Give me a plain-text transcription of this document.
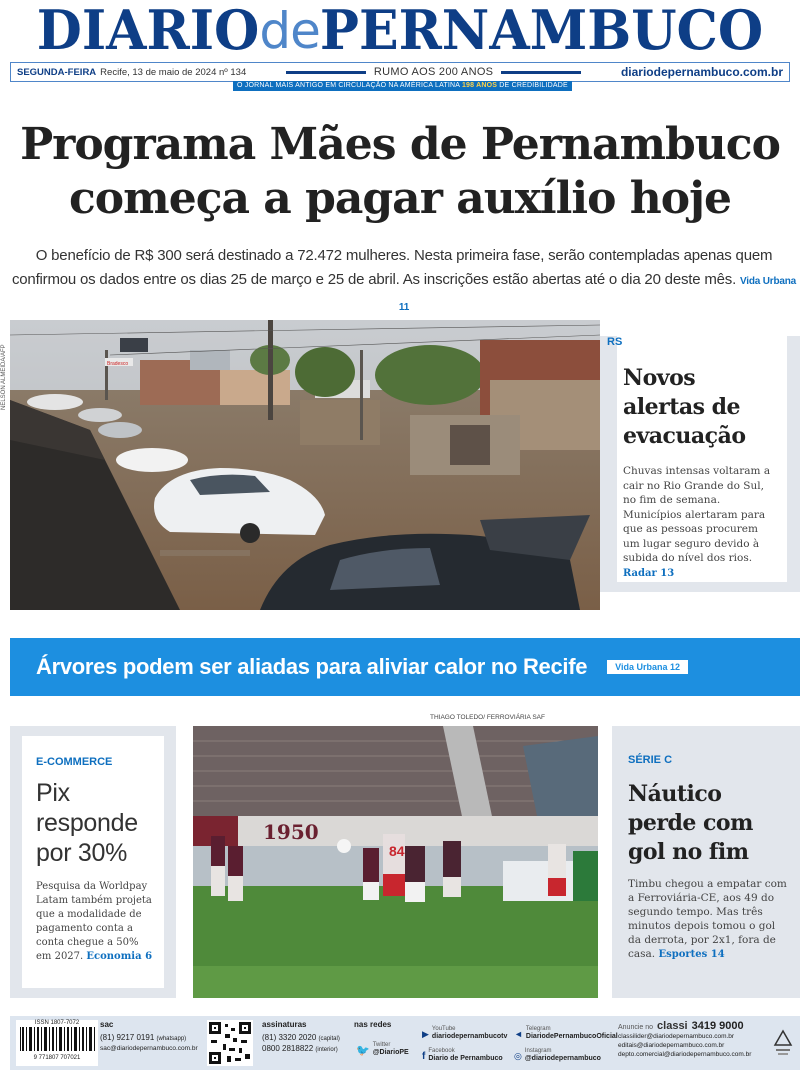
DIARIO de PERNAMBUCO
SEGUNDA-FEIRA Recife, 13 de maio de 2024 nº 134	RUMO AOS 200 ANOS	diariodepernambuco.com.br
O JORNAL MAIS ANTIGO EM CIRCULAÇÃO NA AMÉRICA LATINA 198 ANOS DE CREDIBILIDADE
Programa Mães de Pernambuco
começa a pagar auxílio hoje
O benefício de R$ 300 será destinado a 72.472 mulheres. Nesta primeira fase, serão contempladas apenas quem confirmou os dados entre os dias 25 de março e 25 de abril. As inscrições estão abertas até o dia 20 deste mês. Vida Urbana 11
NELSON ALMEIDA/AFP	Bradesco
RS
Novos alertas de evacuação
Chuvas intensas voltaram a cair no Rio Grande do Sul, no fim de semana. Municípios alertaram para que as pessoas procurem um lugar seguro devido à subida do nível dos rios. Radar 13
Árvores podem ser aliadas para aliviar calor no Recife	Vida Urbana 12
E-COMMERCE
Pix responde por 30%
Pesquisa da Worldpay Latam também projeta que a modalidade de pagamento conta a conta chegue a 50% em 2027. Economia 6
THIAGO TOLEDO/ FERROVIÁRIA SAF
1950
84
SÉRIE C
Náutico perde com gol no fim
Timbu chegou a empatar com a Ferroviária-CE, aos 49 do segundo tempo. Mas três minutos depois tomou o gol da derrota, por 2x1, fora de casa. Esportes 14
ISSN 1807-7072
9 771807 707021
sac
(81) 9217 0191 (whatsapp)
sac@diariodepernambuco.com.br
assinaturas
(81) 3320 2020 (capital)
0800 2818822 (interior)
nas redes
🐦 Twitter
@DiarioPE
▶ YouTube
diariodepernambucotv
f Facebook
Diario de Pernambuco
◄ Telegram
DiariodePernambucoOficial
◎ Instagram
@diariodepernambuco
Anuncie no classi 3419 9000
classilider@diariodepernambuco.com.br
editais@diariodepernambuco.com.br
depto.comercial@diariodepernambuco.com.br
